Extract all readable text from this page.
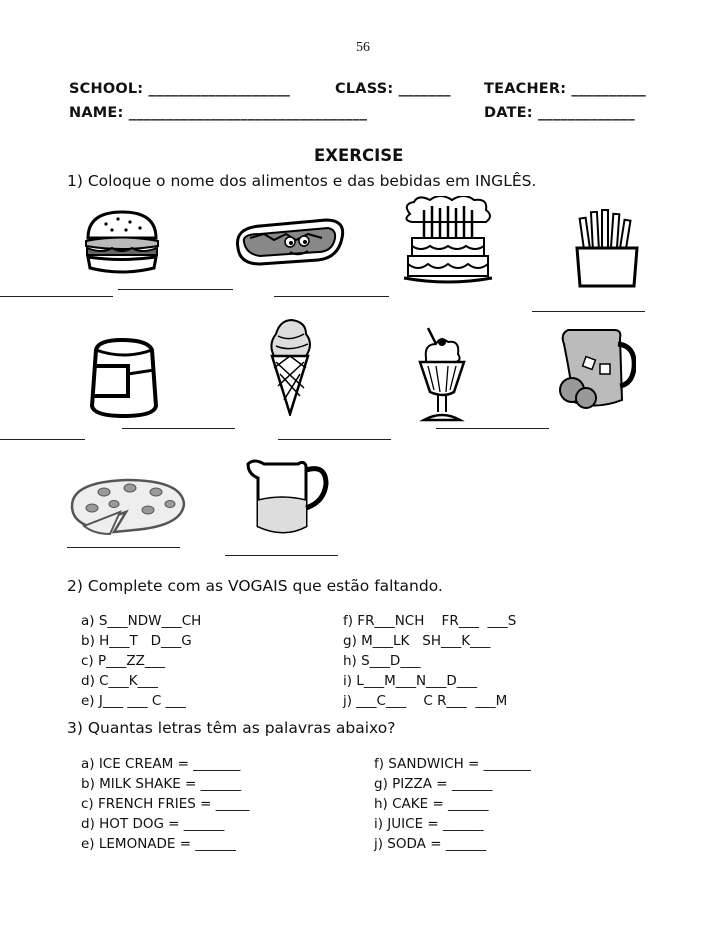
56
SCHOOL: ___________________	CLASS: _______ TEACHER: __________
NAME: ________________________________	DATE: _____________
EXERCISE
1) Coloque o nome dos alimentos e das bebidas em INGLÊS.
2) Complete com as VOGAIS que estão faltando.
a) S___NDW___CH
b) H___T   D___G
c) P___ZZ___
d) C___K___
e) J___ ___ C ___
f) FR___NCH    FR___  ___S
g) M___LK   SH___K___
h) S___D___
i) L___M___N___D___
j) ___C___    C R___  ___M
3) Quantas letras têm as palavras abaixo?
a) ICE CREAM = _______
b) MILK SHAKE = ______
c) FRENCH FRIES = _____
d) HOT DOG = ______
e) LEMONADE = ______
f) SANDWICH = _______
g) PIZZA = ______
h) CAKE = ______
i) JUICE = ______
j) SODA = ______
